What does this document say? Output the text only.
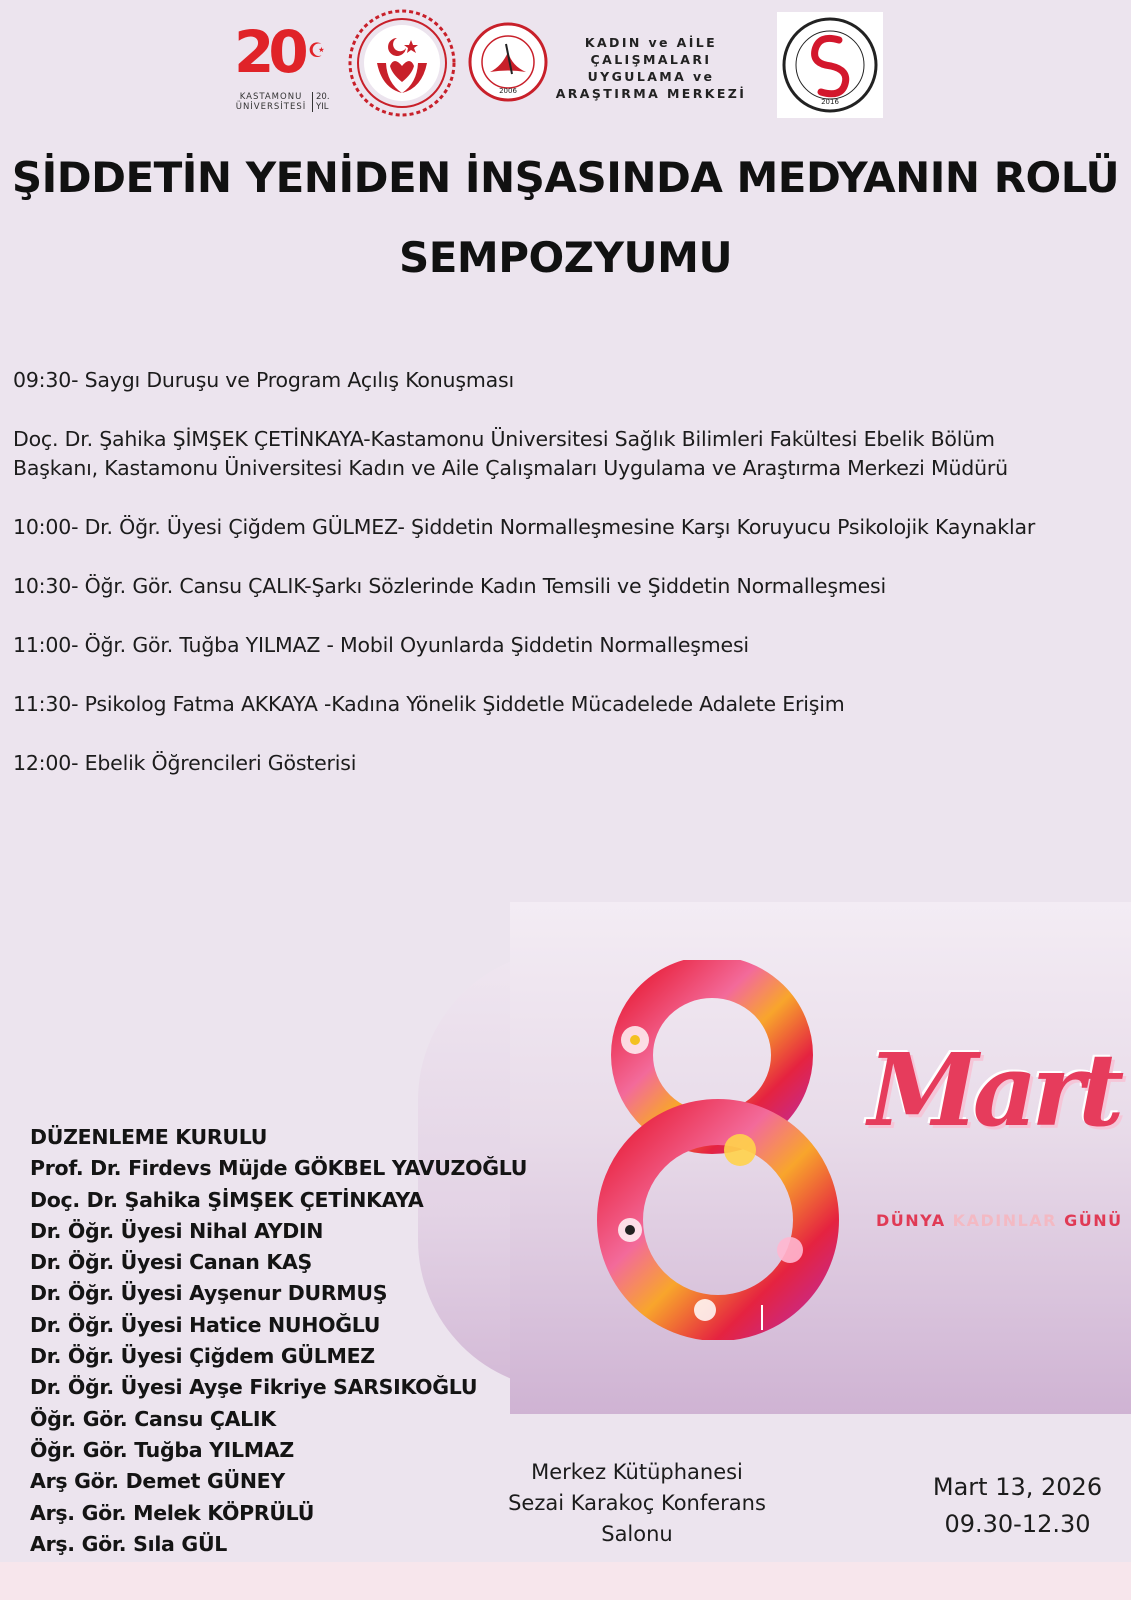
20 ☪
KASTAMONU ÜNİVERSİTESİ
20. YIL
2006
KADIN ve AİLE
ÇALIŞMALARI
UYGULAMA ve
ARAŞTIRMA MERKEZİ
2016
ŞİDDETİN YENİDEN İNŞASINDA MEDYANIN ROLÜ
SEMPOZYUMU

09:30- Saygı Duruşu ve Program Açılış Konuşması

Doç. Dr. Şahika ŞİMŞEK ÇETİNKAYA-Kastamonu Üniversitesi Sağlık Bilimleri Fakültesi Ebelik Bölüm

Başkanı, Kastamonu Üniversitesi Kadın ve Aile Çalışmaları Uygulama ve Araştırma Merkezi Müdürü

10:00- Dr. Öğr. Üyesi Çiğdem GÜLMEZ- Şiddetin Normalleşmesine Karşı Koruyucu Psikolojik Kaynaklar

10:30- Öğr. Gör. Cansu ÇALIK-Şarkı Sözlerinde Kadın Temsili ve Şiddetin Normalleşmesi

11:00- Öğr. Gör. Tuğba YILMAZ - Mobil Oyunlarda Şiddetin Normalleşmesi

11:30- Psikolog Fatma AKKAYA -Kadına Yönelik Şiddetle Mücadelede Adalete Erişim

12:00- Ebelik Öğrencileri Gösterisi

Mart
DÜNYA KADINLAR GÜNÜ
DÜZENLEME KURULU
Prof. Dr. Firdevs Müjde GÖKBEL YAVUZOĞLU
Doç. Dr. Şahika ŞİMŞEK ÇETİNKAYA
Dr. Öğr. Üyesi Nihal AYDIN
Dr. Öğr. Üyesi Canan KAŞ
Dr. Öğr. Üyesi Ayşenur DURMUŞ
Dr. Öğr. Üyesi Hatice NUHOĞLU
Dr. Öğr. Üyesi Çiğdem GÜLMEZ
Dr. Öğr. Üyesi Ayşe Fikriye SARSIKOĞLU
Öğr. Gör. Cansu ÇALIK
Öğr. Gör. Tuğba YILMAZ
Arş Gör. Demet GÜNEY
Arş. Gör. Melek KÖPRÜLÜ
Arş. Gör. Sıla GÜL
Merkez Kütüphanesi
Sezai Karakoç Konferans
Salonu
Mart 13, 2026
09.30-12.30
